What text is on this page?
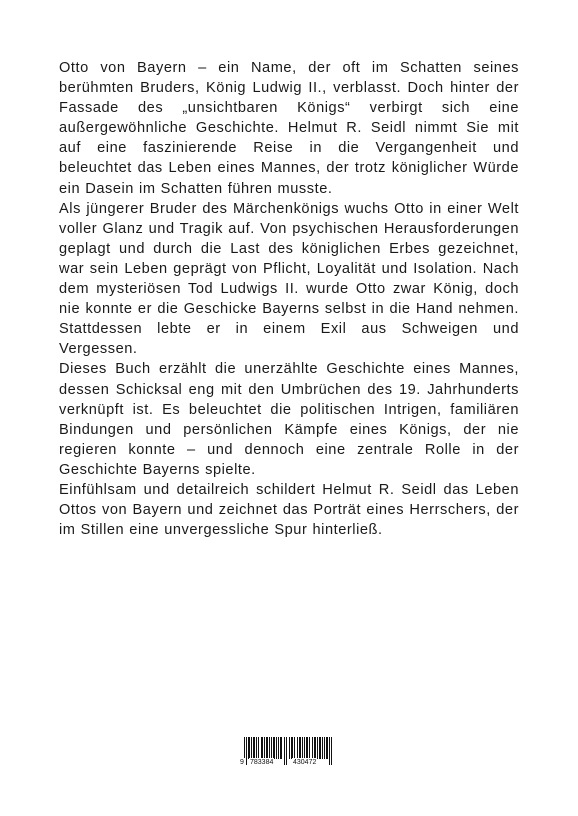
Otto von Bayern – ein Name, der oft im Schatten seines berühmten Bruders, König Ludwig II., verblasst. Doch hinter der Fassade des „unsichtbaren Königs“ verbirgt sich eine außergewöhnliche Geschichte. Helmut R. Seidl nimmt Sie mit auf eine faszinierende Reise in die Vergangenheit und beleuchtet das Leben eines Mannes, der trotz königlicher Würde ein Dasein im Schatten führen musste.

Als jüngerer Bruder des Märchenkönigs wuchs Otto in einer Welt voller Glanz und Tragik auf. Von psychischen Herausforderungen geplagt und durch die Last des königlichen Erbes gezeichnet, war sein Leben geprägt von Pflicht, Loyalität und Isolation. Nach dem mysteriösen Tod Ludwigs II. wurde Otto zwar König, doch nie konnte er die Geschicke Bayerns selbst in die Hand nehmen. Stattdessen lebte er in einem Exil aus Schweigen und Vergessen.

Dieses Buch erzählt die unerzählte Geschichte eines Mannes, dessen Schicksal eng mit den Umbrüchen des 19. Jahrhunderts verknüpft ist. Es beleuchtet die politischen Intrigen, familiären Bindungen und persönlichen Kämpfe eines Königs, der nie regieren konnte – und dennoch eine zentrale Rolle in der Geschichte Bayerns spielte.

Einfühlsam und detailreich schildert Helmut R. Seidl das Leben Ottos von Bayern und zeichnet das Porträt eines Herrschers, der im Stillen eine unvergessliche Spur hinterließ.

9 783384	430472
